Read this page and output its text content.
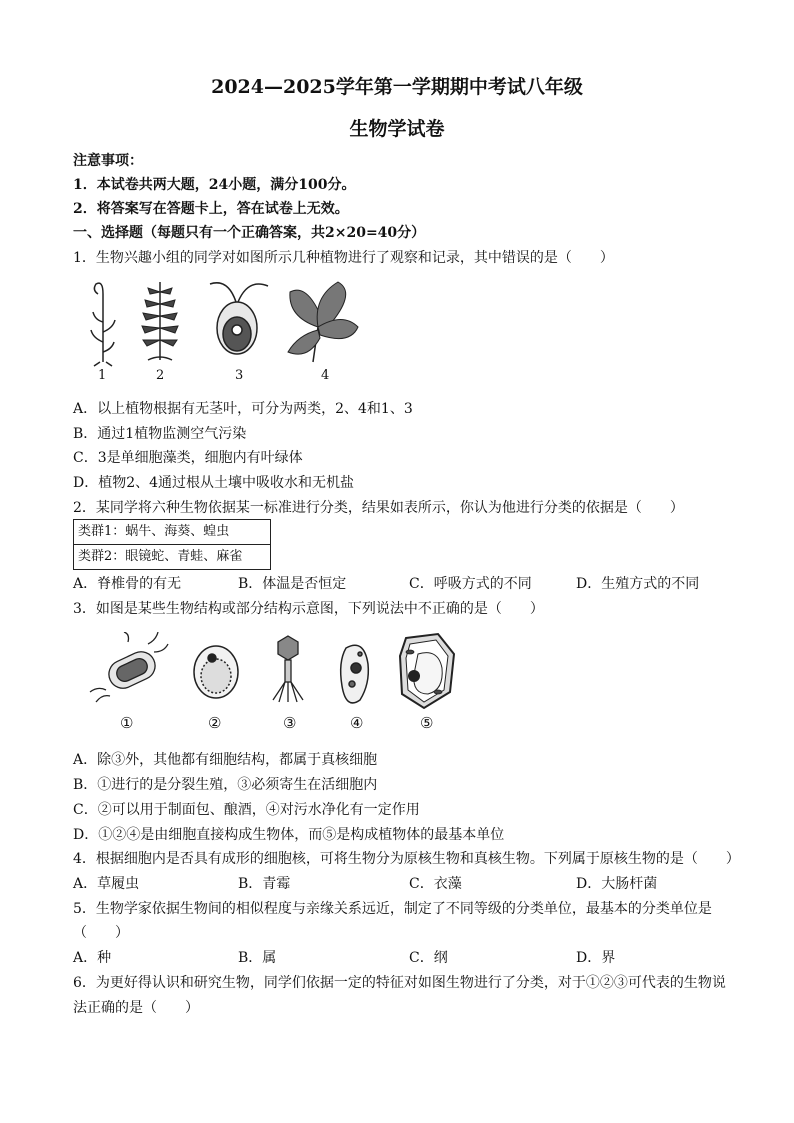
2024—2025学年第一学期期中考试八年级
生物学试卷
注意事项：
1．本试卷共两大题，24小题，满分100分。
2．将答案写在答题卡上，答在试卷上无效。
一、选择题（每题只有一个正确答案，共2×20=40分）
1．生物兴趣小组的同学对如图所示几种植物进行了观察和记录，其中错误的是（　　）
1	2	3	4
A．以上植物根据有无茎叶，可分为两类，2、4和1、3
B．通过1植物监测空气污染
C．3是单细胞藻类，细胞内有叶绿体
D．植物2、4通过根从土壤中吸收水和无机盐
2．某同学将六种生物依据某一标准进行分类，结果如表所示，你认为他进行分类的依据是（　　）
类群1：蜗牛、海葵、蝗虫
类群2：眼镜蛇、青蛙、麻雀
A．脊椎骨的有无	B．体温是否恒定	C．呼吸方式的不同	D．生殖方式的不同
3．如图是某些生物结构或部分结构示意图，下列说法中不正确的是（　　）
①	②	③	④	⑤
A．除③外，其他都有细胞结构，都属于真核细胞
B．①进行的是分裂生殖，③必须寄生在活细胞内
C．②可以用于制面包、酿酒，④对污水净化有一定作用
D．①②④是由细胞直接构成生物体，而⑤是构成植物体的最基本单位
4．根据细胞内是否具有成形的细胞核，可将生物分为原核生物和真核生物。下列属于原核生物的是（　　）
A．草履虫	B．青霉	C．衣藻	D．大肠杆菌
5．生物学家依据生物间的相似程度与亲缘关系远近，制定了不同等级的分类单位，最基本的分类单位是
（　　）
A．种	B．属	C．纲	D．界
6．为更好得认识和研究生物，同学们依据一定的特征对如图生物进行了分类，对于①②③可代表的生物说
法正确的是（　　）
